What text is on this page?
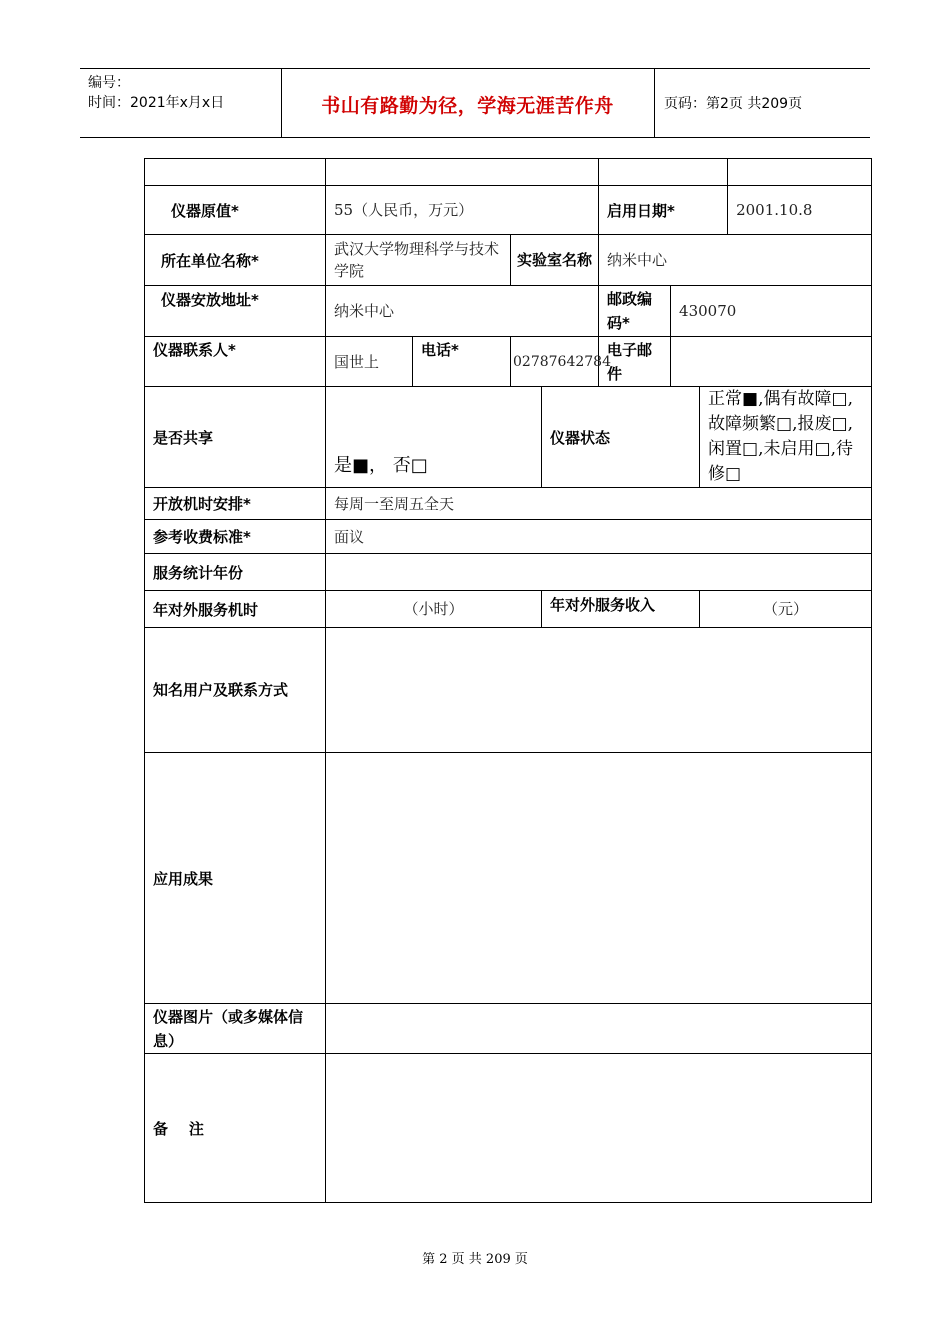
编号：
时间：2021年x月x日	书山有路勤为径，学海无涯苦作舟	页码：第2页 共209页

仪器原值*	55（人民币，万元）				启用日期*			2001.10.8
所在单位名称*	武汉大学物理科学与技术学院		实验室名称		纳米中心			
仪器安放地址*	纳米中心				邮政编码*	430070		
仪器联系人*	国世上	电话*	02787642784		电子邮件			
是否共享	是■， 否□			仪器状态			正常■,偶有故障□,故障频繁□,报废□,闲置□,未启用□,待修□	
开放机时安排*	每周一至周五全天							
参考收费标准*	面议							
服务统计年份								
年对外服务机时	（小时）			年对外服务收入			（元）	
知名用户及联系方式								
应用成果								
仪器图片（或多媒体信息）								
备    注								
第 2 页 共 209 页
